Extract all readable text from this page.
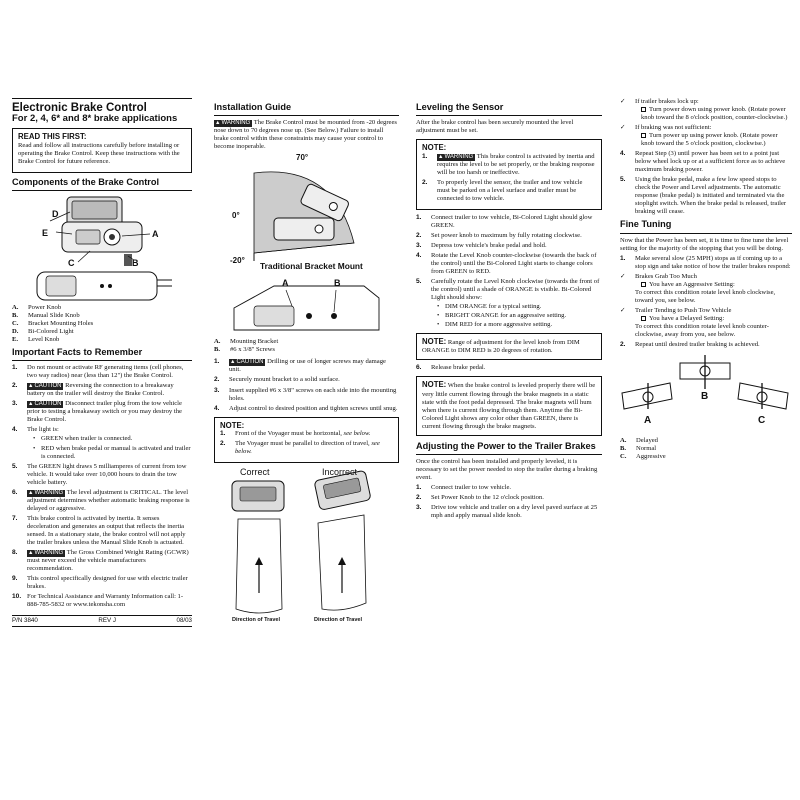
Electronic Brake Control
For 2, 4, 6* and 8* brake applications
READ THIS FIRST:

Read and follow all instructions carefully before installing or operating the Brake Control. Keep these instructions with the Brake Control for future reference.

Components of the Brake Control
D
E	A
C	B
A.	Power Knob
B.	Manual Slide Knob
C.	Bracket Mounting Holes
D.	Bi-Colored Light
E.	Level Knob
Important Facts to Remember
1. Do not mount or activate RF generating items (cell phones, two way radios) near (less than 12") the Brake Control.
2.	▲ CAUTION Reversing the connection to a breakaway battery on the trailer will destroy the Brake Control.
3.	▲ CAUTION Disconnect trailer plug from the tow vehicle prior to testing a breakaway switch or you may destroy the Brake Control.
4. The light is:
• GREEN when trailer is connected.
• RED when brake pedal or manual is activated and trailer is connected.
5. The GREEN light draws 5 milliamperes of current from tow vehicle. It would take over 10,000 hours to drain the tow vehicle battery.
6.	▲ WARNING The level adjustment is CRITICAL. The level adjustment determines whether automatic braking response is delayed or aggressive.
7. This brake control is activated by inertia. It senses deceleration and generates an output that reflects the inertia sensed. In a stationary state, the brake control will not apply the trailer brakes unless the Manual Slide Knob is actuated.
8.	▲ WARNING The Gross Combined Weight Rating (GCWR) must never exceed the vehicle manufacturers recommendation.
9. This control specifically designed for use with electric trailer brakes.
10. For Technical Assistance and Warranty Information call: 1-888-785-5832 or www.tekonsha.com
P/N 3840	REV J	08/03
Installation Guide

▲ WARNING The Brake Control must be mounted from -20 degrees nose down to 70 degrees nose up. (See Below.) Failure to install brake control within these constraints may cause your control to become inoperable.

70°
0°
-20°
Traditional Bracket Mount
A	B
A.	Mounting Bracket
B.	#6 x 3/8" Screws
1.	▲ CAUTION Drilling or use of longer screws may damage unit.
2. Securely mount bracket to a solid surface.
3. Insert supplied #6 x 3/8" screws on each side into the mounting holes.
4. Adjust control to desired position and tighten screws until snug.
NOTE:
1. Front of the Voyager must be horizontal, see below.
2. The Voyager must be parallel to direction of travel, see below.
Correct	Incorrect
Direction of Travel	Direction of Travel
Leveling the Sensor

After the brake control has been securely mounted the level adjustment must be set.

NOTE:
1.	▲ WARNING This brake control is activated by inertia and requires the level to be set properly, or the braking response will be too harsh or ineffective.
2. To properly level the sensor, the trailer and tow vehicle must be parked on a level surface and trailer must be connected to tow vehicle.
1. Connect trailer to tow vehicle, Bi-Colored Light should glow GREEN.
2. Set power knob to maximum by fully rotating clockwise.
3. Depress tow vehicle's brake pedal and hold.
4. Rotate the Level Knob counter-clockwise (towards the back of the control) until the Bi-Colored Light starts to change colors from GREEN to RED.
5. Carefully rotate the Level Knob clockwise (towards the front of the control) until a shade of ORANGE is visible. Bi-Colored Light should show:
• DIM ORANGE for a typical setting.
• BRIGHT ORANGE for an aggressive setting.
• DIM RED for a more aggressive setting.
NOTE: Range of adjustment for the level knob from DIM ORANGE to DIM RED is 20 degrees of rotation.
6. Release brake pedal.
NOTE: When the brake control is leveled properly there will be very little current flowing through the brake magnets in a static state with the foot pedal depressed. The brake magnets will hum when there is current flowing through them. Anytime the Bi-Colored Light shows any color other than GREEN, there is current flowing through the brake magnets.
Adjusting the Power to the Trailer Brakes

Once the control has been installed and properly leveled, it is necessary to set the power needed to stop the trailer during a braking event.

1. Connect trailer to tow vehicle.
2. Set Power Knob to the 12 o'clock position.
3. Drive tow vehicle and trailer on a dry level paved surface at 25 mph and apply manual slide knob.
✓ If trailer brakes lock up:
Turn power down using power knob. (Rotate power knob toward the 8 o'clock position, counter-clockwise.)
✓ If braking was not sufficient:
Turn power up using power knob. (Rotate power knob toward the 5 o'clock position, clockwise.)
4. Repeat Step (3) until power has been set to a point just below wheel lock up or at a sufficient force as to achieve maximum braking power.
5. Using the brake pedal, make a few low speed stops to check the Power and Level adjustments. The automatic response (brake pedal) is initiated and terminated via the stoplight switch. When the brake pedal is released, trailer braking will cease.
Fine Tuning

Now that the Power has been set, it is time to fine tune the level setting for the majority of the stopping that you will be doing.

1. Make several slow (25 MPH) stops as if coming up to a stop sign and take notice of how the trailer brakes respond:
✓ Brakes Grab Too Much
You have an Aggressive Setting:
To correct this condition rotate level knob clockwise, toward you, see below.
✓ Trailer Tending to Push Tow Vehicle
You have a Delayed Setting:
To correct this condition rotate level knob counter-clockwise, away from you, see below.
2. Repeat until desired trailer braking is achieved.
A
B
C
A.	Delayed
B.	Normal
C.	Aggressive
